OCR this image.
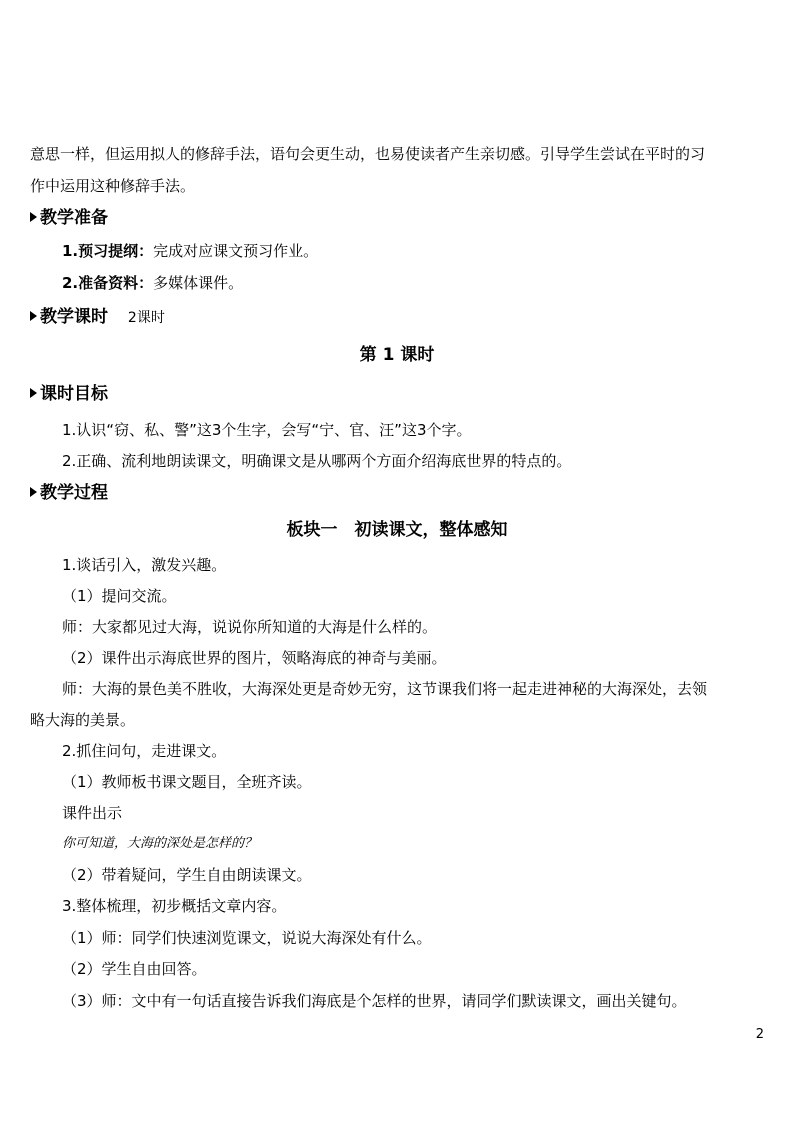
意思一样，但运用拟人的修辞手法，语句会更生动，也易使读者产生亲切感。引导学生尝试在平时的习
作中运用这种修辞手法。
教学准备
1.预习提纲：完成对应课文预习作业。
2.准备资料：多媒体课件。
教学课时 2课时
第 1 课时
课时目标
1.认识“窃、私、警”这3个生字，会写“宁、官、汪”这3个字。
2.正确、流利地朗读课文，明确课文是从哪两个方面介绍海底世界的特点的。
教学过程
板块一　初读课文，整体感知
1.谈话引入，激发兴趣。
（1）提问交流。
师：大家都见过大海，说说你所知道的大海是什么样的。
（2）课件出示海底世界的图片，领略海底的神奇与美丽。
师：大海的景色美不胜收，大海深处更是奇妙无穷，这节课我们将一起走进神秘的大海深处，去领
略大海的美景。
2.抓住问句，走进课文。
（1）教师板书课文题目，全班齐读。
课件出示
你可知道，大海的深处是怎样的？
（2）带着疑问，学生自由朗读课文。
3.整体梳理，初步概括文章内容。
（1）师：同学们快速浏览课文，说说大海深处有什么。
（2）学生自由回答。
（3）师：文中有一句话直接告诉我们海底是个怎样的世界，请同学们默读课文，画出关键句。
2
